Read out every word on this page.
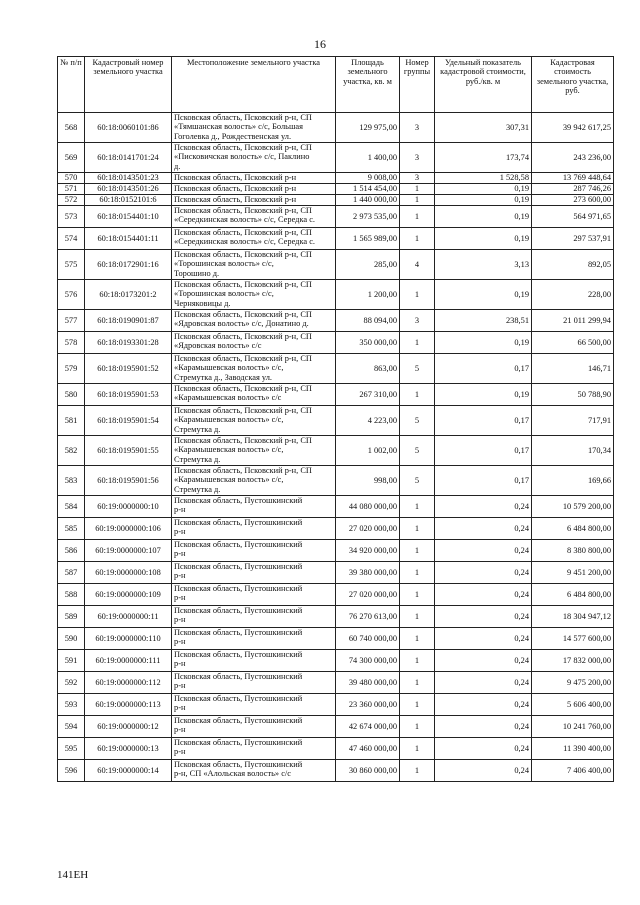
16
№ п/п	Кадастровый номер земельного участка	Местоположение земельного участка	Площадь земельного участка, кв. м	Номер группы	Удельный показатель кадастровой стоимости, руб./кв. м	Кадастровая стоимость земельного участка, руб.
568	60:18:0060101:86	Псковская область, Псковский р-н, СП
«Тямшанская волость» с/с, Большая
Гоголевка д., Рождественская ул.	129 975,00	3	307,31	39 942 617,25
569	60:18:0141701:24	Псковская область, Псковский р-н, СП
«Писковичская волость» с/с, Паклино
д.	1 400,00	3	173,74	243 236,00
570	60:18:0143501:23	Псковская область, Псковский р-н	9 008,00	3	1 528,58	13 769 448,64
571	60:18:0143501:26	Псковская область, Псковский р-н	1 514 454,00	1	0,19	287 746,26
572	60:18:0152101:6	Псковская область, Псковский р-н	1 440 000,00	1	0,19	273 600,00
573	60:18:0154401:10	Псковская область, Псковский р-н, СП
«Середкинская волость» с/с, Середка с.	2 973 535,00	1	0,19	564 971,65
574	60:18:0154401:11	Псковская область, Псковский р-н, СП
«Середкинская волость» с/с, Середка с.	1 565 989,00	1	0,19	297 537,91
575	60:18:0172901:16	Псковская область, Псковский р-н, СП
«Торошинская волость» с/с,
Торошино д.	285,00	4	3,13	892,05
576	60:18:0173201:2	Псковская область, Псковский р-н, СП
«Торошинская волость» с/с,
Черняковицы д.	1 200,00	1	0,19	228,00
577	60:18:0190901:87	Псковская область, Псковский р-н, СП
«Ядровская волость» с/с, Донатино д.	88 094,00	3	238,51	21 011 299,94
578	60:18:0193301:28	Псковская область, Псковский р-н, СП
«Ядровская волость» с/с	350 000,00	1	0,19	66 500,00
579	60:18:0195901:52	Псковская область, Псковский р-н, СП
«Карамышевская волость» с/с,
Стремутка д., Заводская ул.	863,00	5	0,17	146,71
580	60:18:0195901:53	Псковская область, Псковский р-н, СП
«Карамышевская волость» с/с	267 310,00	1	0,19	50 788,90
581	60:18:0195901:54	Псковская область, Псковский р-н, СП
«Карамышевская волость» с/с,
Стремутка д.	4 223,00	5	0,17	717,91
582	60:18:0195901:55	Псковская область, Псковский р-н, СП
«Карамышевская волость» с/с,
Стремутка д.	1 002,00	5	0,17	170,34
583	60:18:0195901:56	Псковская область, Псковский р-н, СП
«Карамышевская волость» с/с,
Стремутка д.	998,00	5	0,17	169,66
584	60:19:0000000:10	Псковская область, Пустошкинский
р-н	44 080 000,00	1	0,24	10 579 200,00
585	60:19:0000000:106	Псковская область, Пустошкинский
р-н	27 020 000,00	1	0,24	6 484 800,00
586	60:19:0000000:107	Псковская область, Пустошкинский
р-н	34 920 000,00	1	0,24	8 380 800,00
587	60:19:0000000:108	Псковская область, Пустошкинский
р-н	39 380 000,00	1	0,24	9 451 200,00
588	60:19:0000000:109	Псковская область, Пустошкинский
р-н	27 020 000,00	1	0,24	6 484 800,00
589	60:19:0000000:11	Псковская область, Пустошкинский
р-н	76 270 613,00	1	0,24	18 304 947,12
590	60:19:0000000:110	Псковская область, Пустошкинский
р-н	60 740 000,00	1	0,24	14 577 600,00
591	60:19:0000000:111	Псковская область, Пустошкинский
р-н	74 300 000,00	1	0,24	17 832 000,00
592	60:19:0000000:112	Псковская область, Пустошкинский
р-н	39 480 000,00	1	0,24	9 475 200,00
593	60:19:0000000:113	Псковская область, Пустошкинский
р-н	23 360 000,00	1	0,24	5 606 400,00
594	60:19:0000000:12	Псковская область, Пустошкинский
р-н	42 674 000,00	1	0,24	10 241 760,00
595	60:19:0000000:13	Псковская область, Пустошкинский
р-н	47 460 000,00	1	0,24	11 390 400,00
596	60:19:0000000:14	Псковская область, Пустошкинский
р-н, СП «Алольская волость» с/с	30 860 000,00	1	0,24	7 406 400,00
141EH
